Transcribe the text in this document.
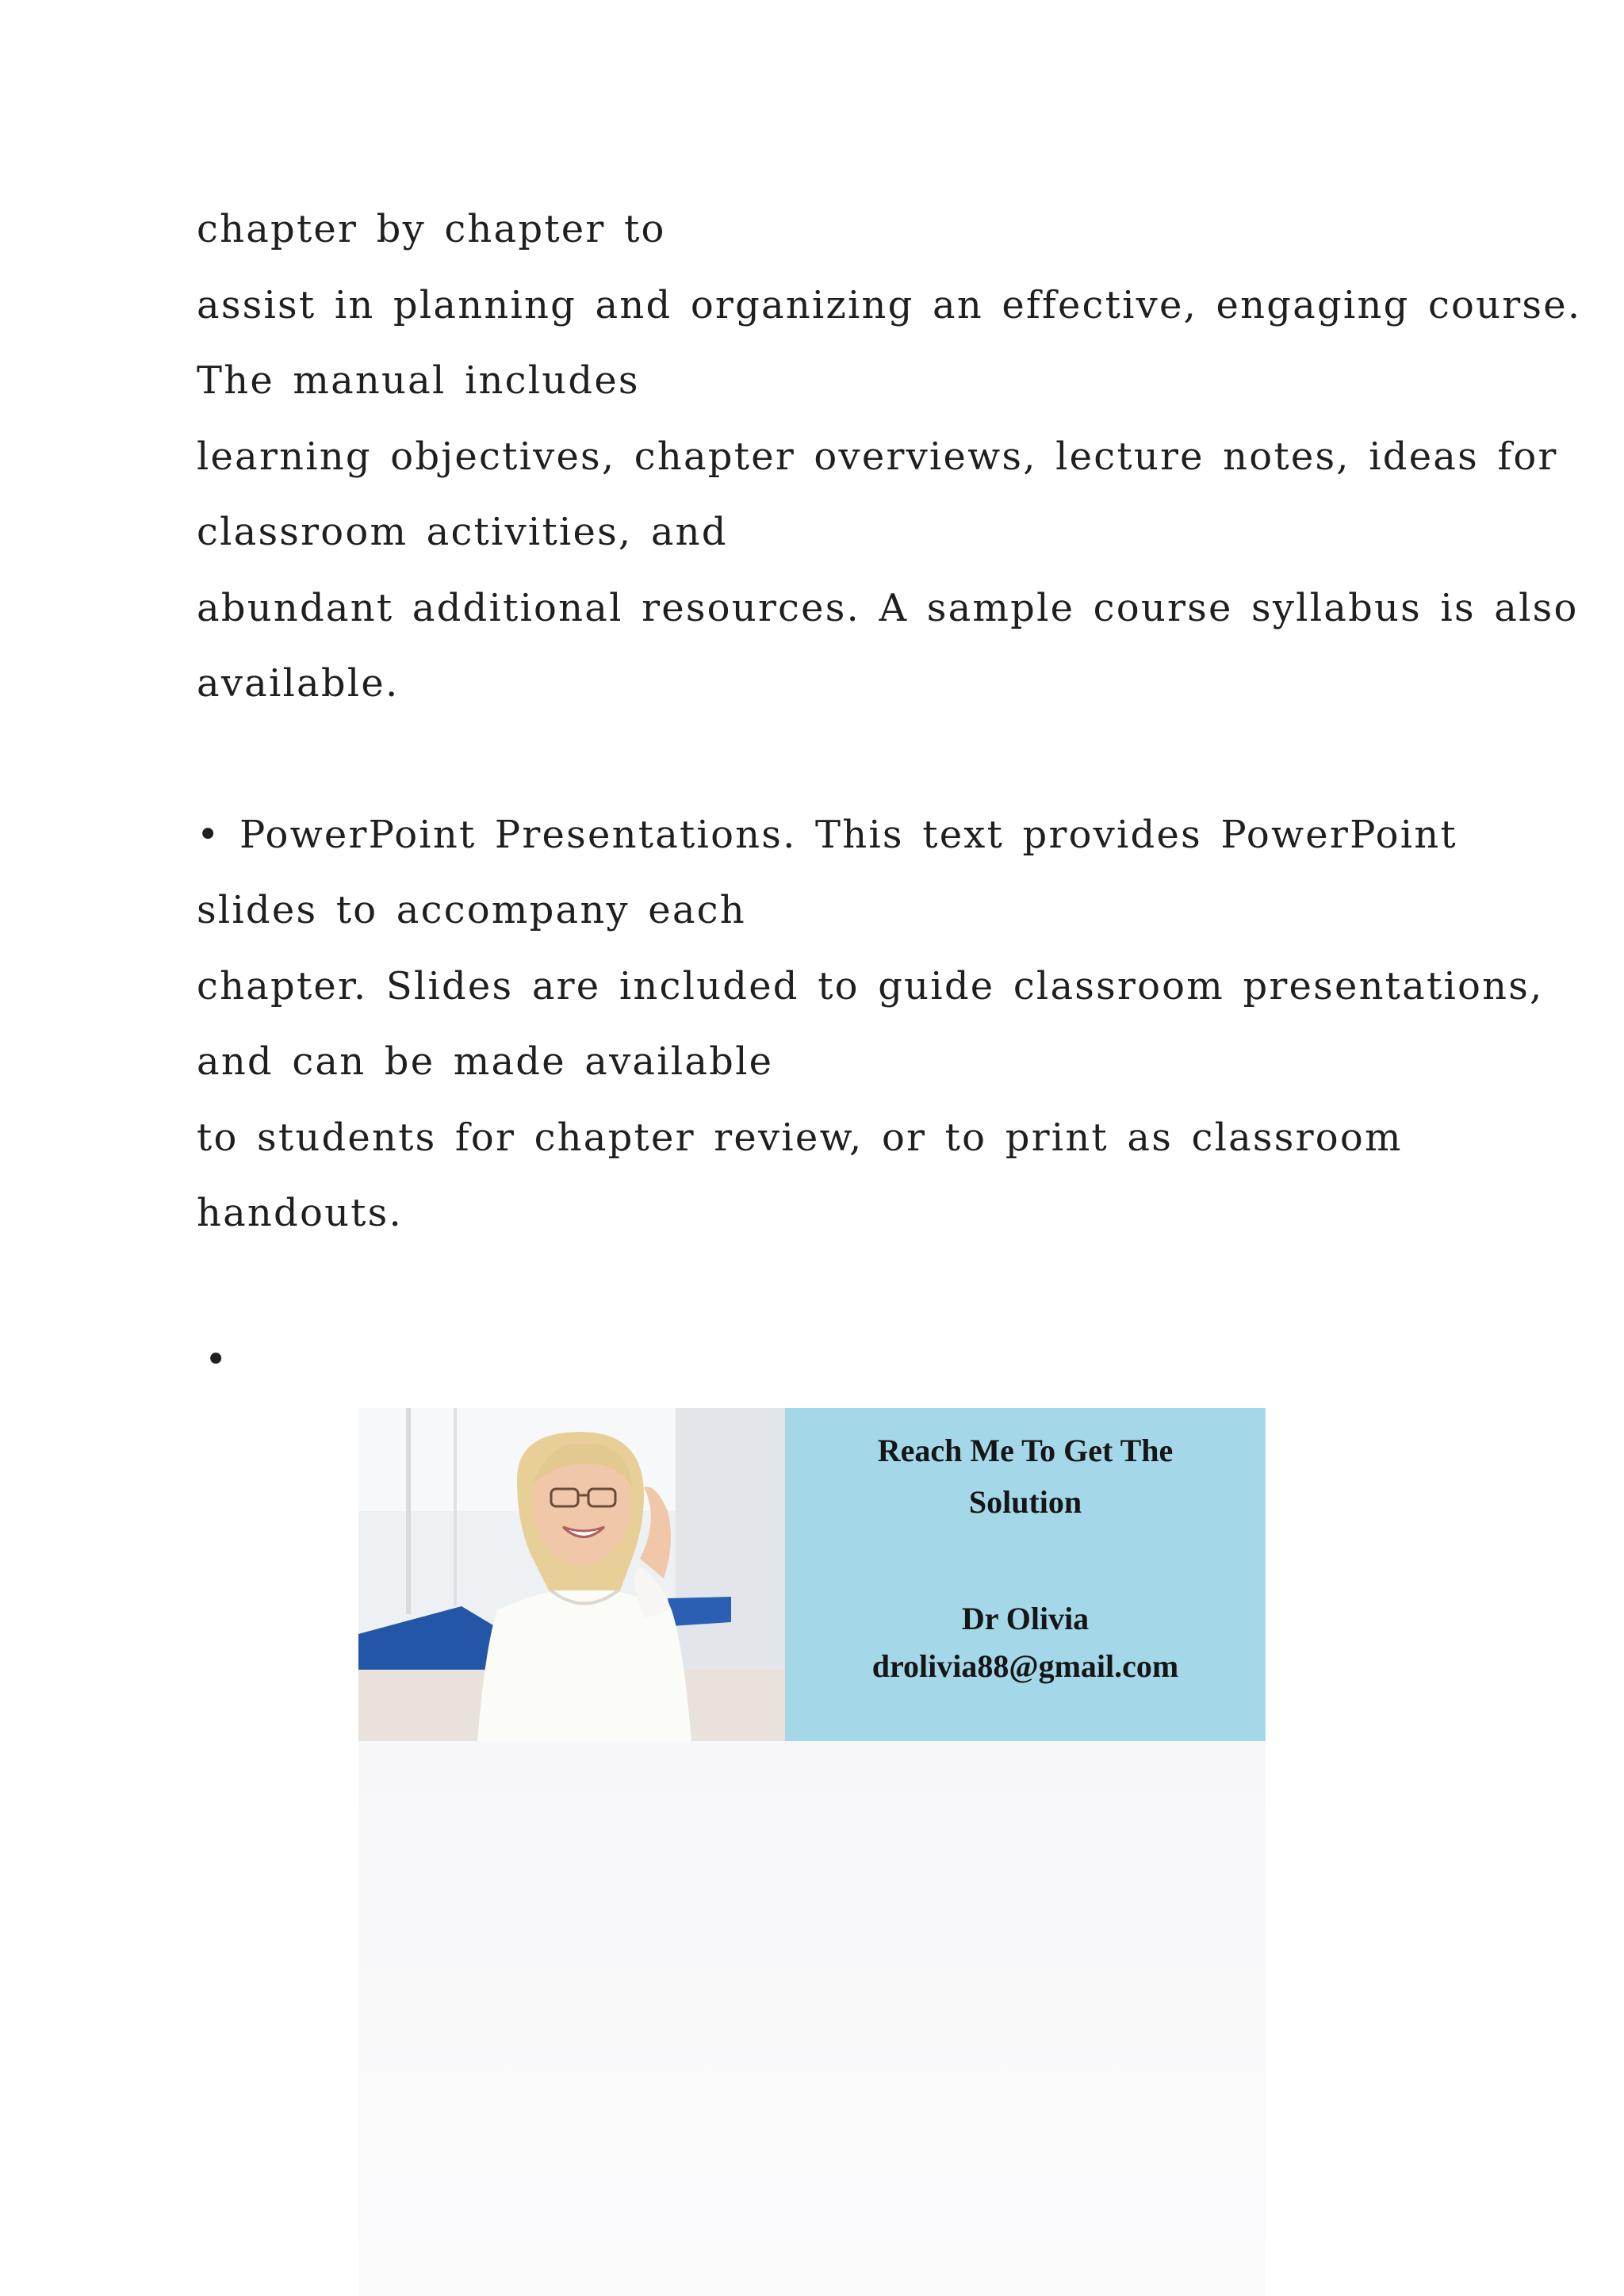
chapter by chapter to
assist in planning and organizing an effective, engaging course.
The manual includes
learning objectives, chapter overviews, lecture notes, ideas for
classroom activities, and
abundant additional resources. A sample course syllabus is also
available.
• PowerPoint Presentations. This text provides PowerPoint
slides to accompany each
chapter. Slides are included to guide classroom presentations,
and can be made available
to students for chapter review, or to print as classroom
handouts.
•
Reach Me To Get The
Solution
Dr Olivia
drolivia88@gmail.com
